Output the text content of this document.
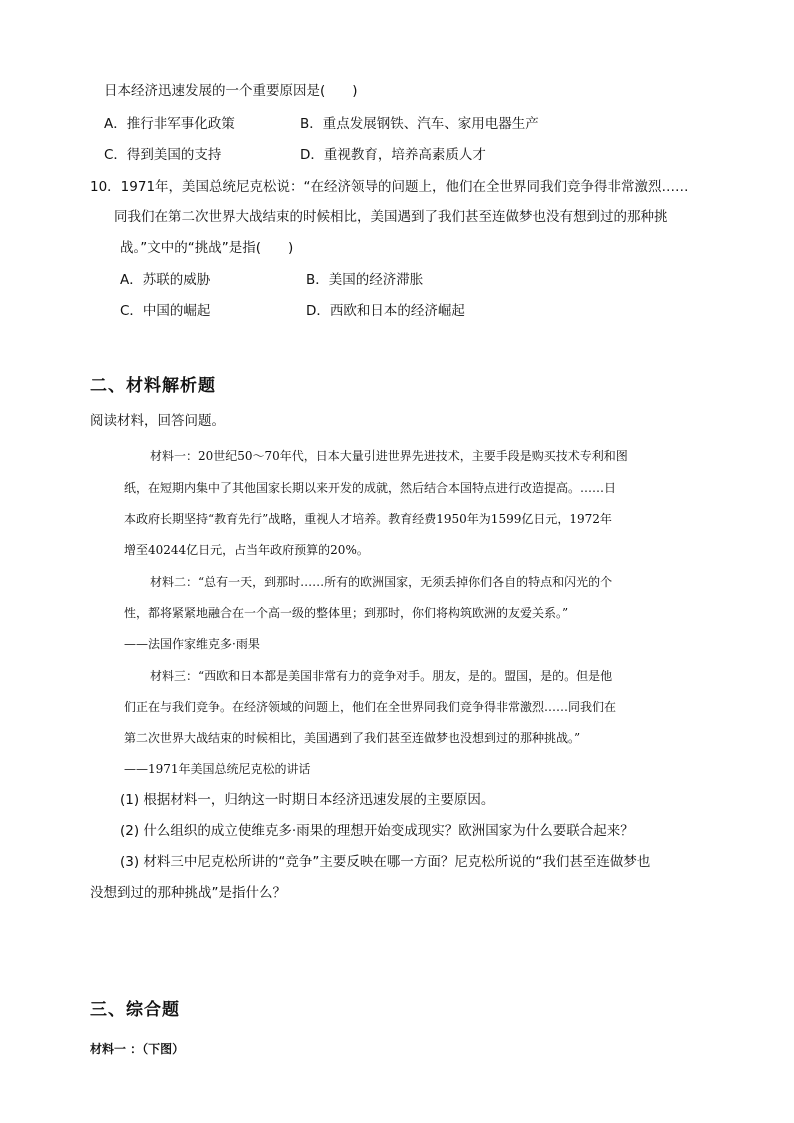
日本经济迅速发展的一个重要原因是(　　)
A．推行非军事化政策	B．重点发展钢铁、汽车、家用电器生产
C．得到美国的支持	D．重视教育，培养高素质人才
10．1971年，美国总统尼克松说：“在经济领导的问题上，他们在全世界同我们竞争得非常激烈……
同我们在第二次世界大战结束的时候相比，美国遇到了我们甚至连做梦也没有想到过的那种挑
战。”文中的“挑战”是指(　　)
A．苏联的威胁	B．美国的经济滞胀
C．中国的崛起	D．西欧和日本的经济崛起
二、材料解析题
阅读材料，回答问题。
材料一：20世纪50～70年代，日本大量引进世界先进技术，主要手段是购买技术专利和图
纸，在短期内集中了其他国家长期以来开发的成就，然后结合本国特点进行改造提高。……日
本政府长期坚持“教育先行”战略，重视人才培养。教育经费1950年为1599亿日元，1972年
增至40244亿日元，占当年政府预算的20%。
材料二：“总有一天，到那时……所有的欧洲国家，无须丢掉你们各自的特点和闪光的个
性，都将紧紧地融合在一个高一级的整体里；到那时，你们将构筑欧洲的友爱关系。”
——法国作家维克多·雨果
材料三：“西欧和日本都是美国非常有力的竞争对手。朋友，是的。盟国，是的。但是他
们正在与我们竞争。在经济领域的问题上，他们在全世界同我们竞争得非常激烈……同我们在
第二次世界大战结束的时候相比，美国遇到了我们甚至连做梦也没想到过的那种挑战。”
——1971年美国总统尼克松的讲话
(1) 根据材料一，归纳这一时期日本经济迅速发展的主要原因。
(2) 什么组织的成立使维克多·雨果的理想开始变成现实？欧洲国家为什么要联合起来？
(3) 材料三中尼克松所讲的“竞争”主要反映在哪一方面？尼克松所说的“我们甚至连做梦也
没想到过的那种挑战”是指什么？
三、综合题
材料一 ：（下图）
